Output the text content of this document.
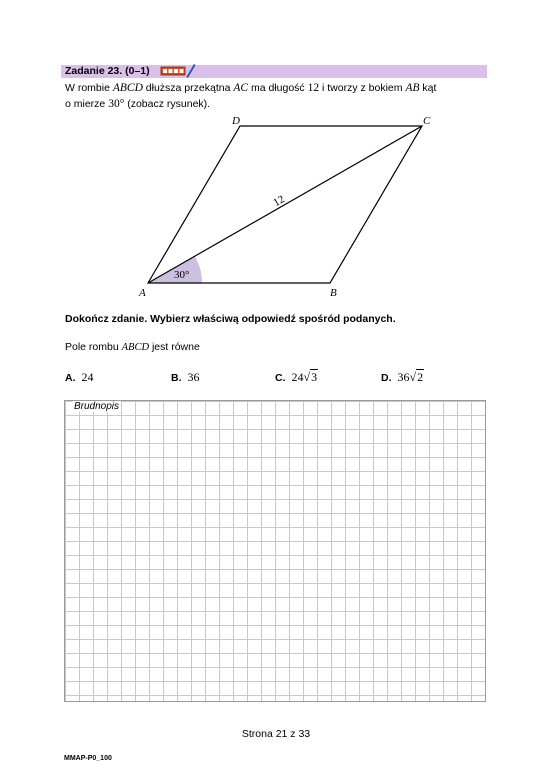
Zadanie 23. (0–1)
W rombie ABCD dłuższa przekątna AC ma długość 12 i tworzy z bokiem AB kąt
o mierze 30° (zobacz rysunek).
A	B
C
D
12
30°
Dokończ zdanie. Wybierz właściwą odpowiedź spośród podanych.
Pole rombu ABCD jest równe
A. 24	B. 36	C. 24√3	D. 36√2
Brudnopis
Strona 21 z 33
MMAP-P0_100
